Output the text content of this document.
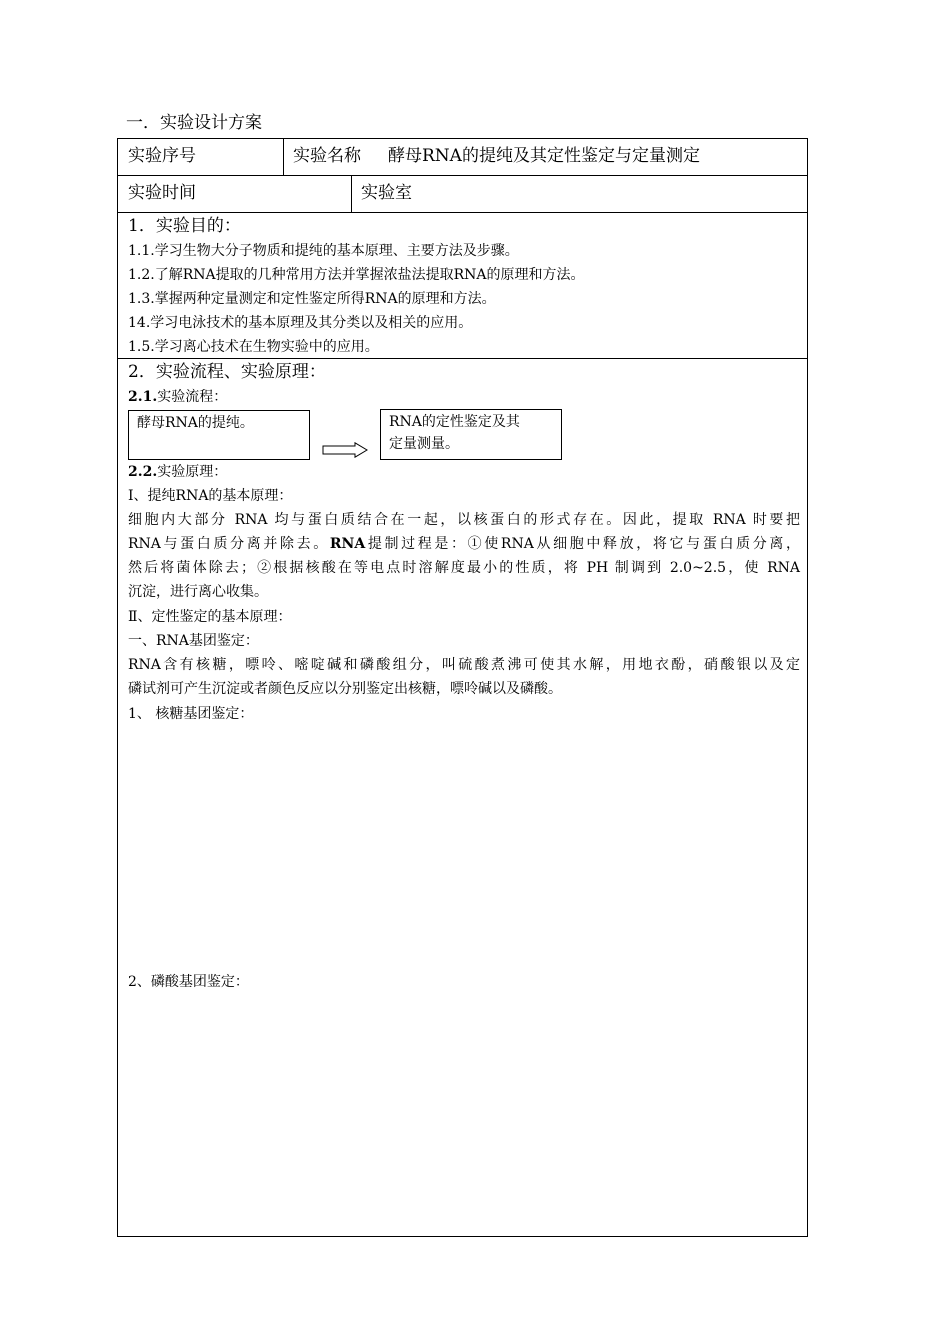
一．实验设计方案
实验序号	实验名称 酵母RNA的提纯及其定性鉴定与定量测定
实验时间	实验室
1．实验目的：
1.1.学习生物大分子物质和提纯的基本原理、主要方法及步骤。
1.2.了解RNA提取的几种常用方法并掌握浓盐法提取RNA的原理和方法。
1.3.掌握两种定量测定和定性鉴定所得RNA的原理和方法。
14.学习电泳技术的基本原理及其分类以及相关的应用。
1.5.学习离心技术在生物实验中的应用。
2．实验流程、实验原理：
2.1.实验流程：
酵母RNA的提纯。	RNA的定性鉴定及其
定量测量。
2.2.实验原理：
Ⅰ、提纯RNA的基本原理：
细胞内大部分 RNA 均与蛋白质结合在一起，以核蛋白的形式存在。因此，提取 RNA 时要把
RNA与蛋白质分离并除去。RNA提制过程是：①使RNA从细胞中释放，将它与蛋白质分离，
然后将菌体除去；②根据核酸在等电点时溶解度最小的性质，将 PH 制调到 2.0~2.5，使 RNA
沉淀，进行离心收集。
Ⅱ、定性鉴定的基本原理：
一、RNA基团鉴定：
RNA含有核糖，嘌呤、嘧啶碱和磷酸组分，叫硫酸煮沸可使其水解，用地衣酚，硝酸银以及定
磷试剂可产生沉淀或者颜色反应以分别鉴定出核糖，嘌呤碱以及磷酸。
1、 核糖基团鉴定：
2、磷酸基团鉴定：
